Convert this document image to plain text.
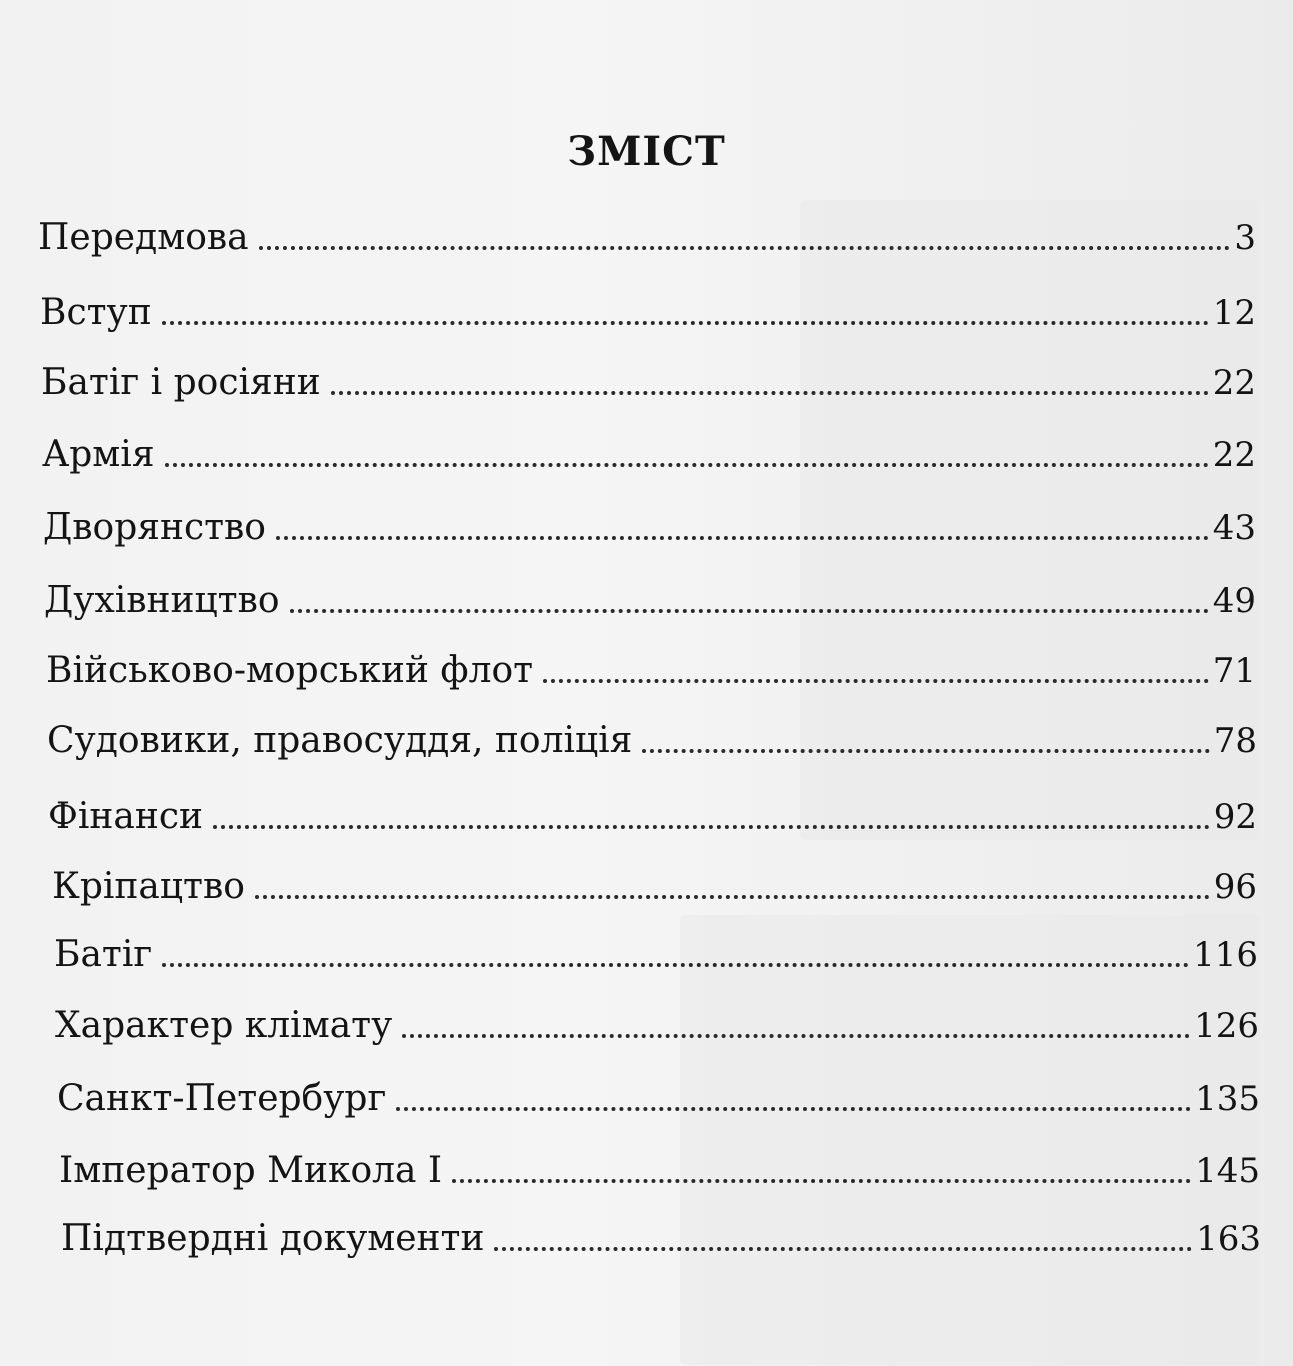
ЗМІСТ
Передмова	3
Вступ	12
Батіг і росіяни	22
Армія	22
Дворянство	43
Духівництво	49
Військово-морський флот	71
Судовики, правосуддя, поліція	78
Фінанси	92
Кріпацтво	96
Батіг	116
Характер клімату	126
Санкт-Петербург	135
Імператор Микола І	145
Підтвердні документи	163
